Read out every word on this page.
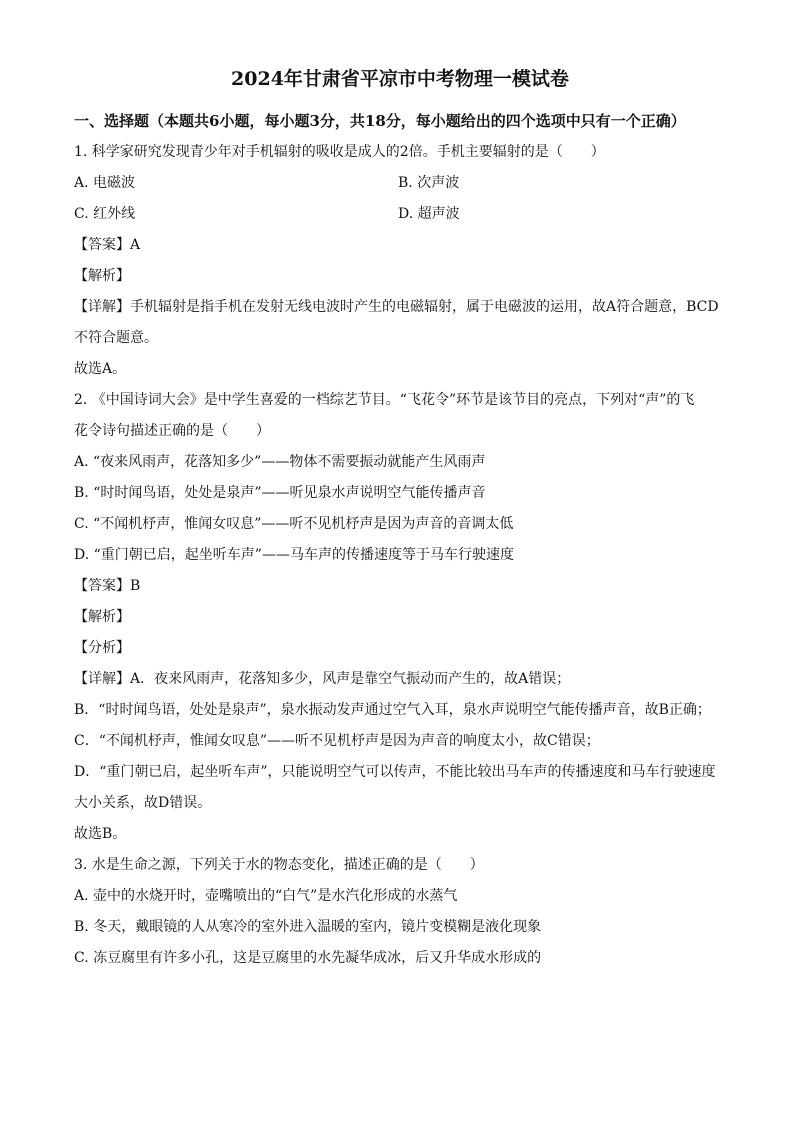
2024年甘肃省平凉市中考物理一模试卷

一、选择题（本题共6小题，每小题3分，共18分，每小题给出的四个选项中只有一个正确）

1. 科学家研究发现青少年对手机辐射的吸收是成人的2倍。手机主要辐射的是（　　）

A. 电磁波	B. 次声波
C. 红外线	D. 超声波

【答案】A

【解析】

【详解】手机辐射是指手机在发射无线电波时产生的电磁辐射，属于电磁波的运用，故A符合题意，BCD

不符合题意。

故选A。

2. 《中国诗词大会》是中学生喜爱的一档综艺节目。“飞花令”环节是该节目的亮点，下列对“声”的飞

花令诗句描述正确的是（　　）

A. “夜来风雨声，花落知多少”——物体不需要振动就能产生风雨声

B. “时时闻鸟语，处处是泉声”——听见泉水声说明空气能传播声音

C. “不闻机杼声，惟闻女叹息”——听不见机杼声是因为声音的音调太低

D. “重门朝已启，起坐听车声”——马车声的传播速度等于马车行驶速度

【答案】B

【解析】

【分析】

【详解】A．夜来风雨声，花落知多少，风声是靠空气振动而产生的，故A错误；

B．“时时闻鸟语，处处是泉声”，泉水振动发声通过空气入耳，泉水声说明空气能传播声音，故B正确；

C．“不闻机杼声，惟闻女叹息”——听不见机杼声是因为声音的响度太小，故C错误；

D．“重门朝已启，起坐听车声”，只能说明空气可以传声，不能比较出马车声的传播速度和马车行驶速度

大小关系，故D错误。

故选B。

3. 水是生命之源，下列关于水的物态变化，描述正确的是（　　）

A. 壶中的水烧开时，壶嘴喷出的“白气”是水汽化形成的水蒸气

B. 冬天，戴眼镜的人从寒冷的室外进入温暖的室内，镜片变模糊是液化现象

C. 冻豆腐里有许多小孔，这是豆腐里的水先凝华成冰，后又升华成水形成的
